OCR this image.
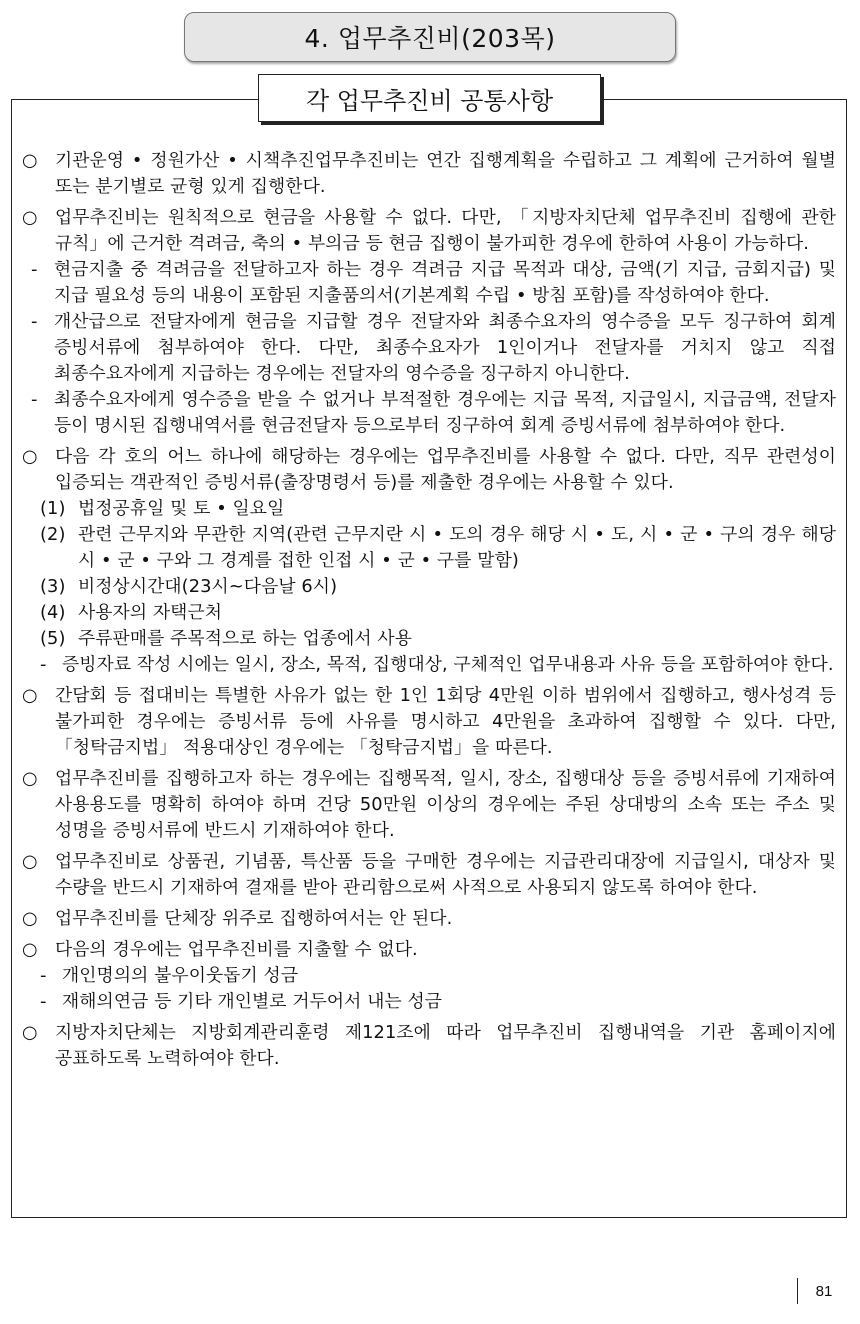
4. 업무추진비(203목)
각 업무추진비 공통사항
○ 기관운영 • 정원가산 • 시책추진업무추진비는 연간 집행계획을 수립하고 그 계획에 근거하여 월별 또는 분기별로 균형 있게 집행한다.
○ 업무추진비는 원칙적으로 현금을 사용할 수 없다. 다만, 「지방자치단체 업무추진비 집행에 관한 규칙」에 근거한 격려금, 축의 • 부의금 등 현금 집행이 불가피한 경우에 한하여 사용이 가능하다.
- 현금지출 중 격려금을 전달하고자 하는 경우 격려금 지급 목적과 대상, 금액(기 지급, 금회지급) 및 지급 필요성 등의 내용이 포함된 지출품의서(기본계획 수립 • 방침 포함)를 작성하여야 한다.
- 개산급으로 전달자에게 현금을 지급할 경우 전달자와 최종수요자의 영수증을 모두 징구하여 회계 증빙서류에 첨부하여야 한다. 다만, 최종수요자가 1인이거나 전달자를 거치지 않고 직접 최종수요자에게 지급하는 경우에는 전달자의 영수증을 징구하지 아니한다.
- 최종수요자에게 영수증을 받을 수 없거나 부적절한 경우에는 지급 목적, 지급일시, 지급금액, 전달자 등이 명시된 집행내역서를 현금전달자 등으로부터 징구하여 회계 증빙서류에 첨부하여야 한다.
○ 다음 각 호의 어느 하나에 해당하는 경우에는 업무추진비를 사용할 수 없다. 다만, 직무 관련성이 입증되는 객관적인 증빙서류(출장명령서 등)를 제출한 경우에는 사용할 수 있다.
(1) 법정공휴일 및 토 • 일요일
(2) 관련 근무지와 무관한 지역(관련 근무지란 시 • 도의 경우 해당 시 • 도, 시 • 군 • 구의 경우 해당 시 • 군 • 구와 그 경계를 접한 인접 시 • 군 • 구를 말함)
(3) 비정상시간대(23시~다음날 6시)
(4) 사용자의 자택근처
(5) 주류판매를 주목적으로 하는 업종에서 사용
- 증빙자료 작성 시에는 일시, 장소, 목적, 집행대상, 구체적인 업무내용과 사유 등을 포함하여야 한다.
○ 간담회 등 접대비는 특별한 사유가 없는 한 1인 1회당 4만원 이하 범위에서 집행하고, 행사성격 등 불가피한 경우에는 증빙서류 등에 사유를 명시하고 4만원을 초과하여 집행할 수 있다. 다만, 「청탁금지법」 적용대상인 경우에는 「청탁금지법」을 따른다.
○ 업무추진비를 집행하고자 하는 경우에는 집행목적, 일시, 장소, 집행대상 등을 증빙서류에 기재하여 사용용도를 명확히 하여야 하며 건당 50만원 이상의 경우에는 주된 상대방의 소속 또는 주소 및 성명을 증빙서류에 반드시 기재하여야 한다.
○ 업무추진비로 상품권, 기념품, 특산품 등을 구매한 경우에는 지급관리대장에 지급일시, 대상자 및 수량을 반드시 기재하여 결재를 받아 관리함으로써 사적으로 사용되지 않도록 하여야 한다.
○ 업무추진비를 단체장 위주로 집행하여서는 안 된다.
○ 다음의 경우에는 업무추진비를 지출할 수 없다.
- 개인명의의 불우이웃돕기 성금
- 재해의연금 등 기타 개인별로 거두어서 내는 성금
○ 지방자치단체는 지방회계관리훈령 제121조에 따라 업무추진비 집행내역을 기관 홈페이지에 공표하도록 노력하여야 한다.
81
